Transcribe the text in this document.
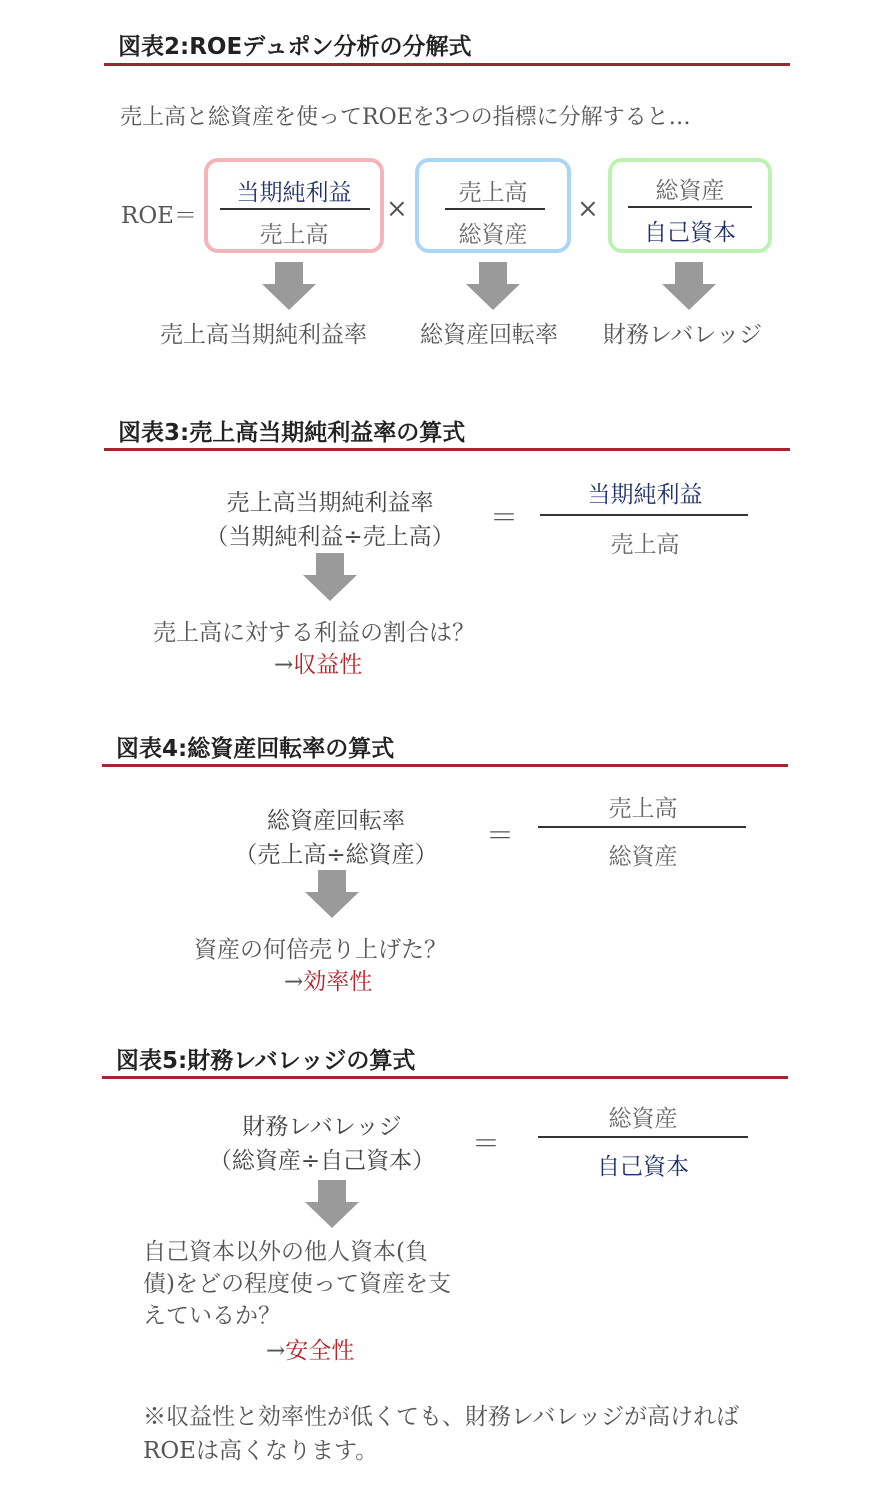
図表2:ROEデュポン分析の分解式
売上高と総資産を使ってROEを3つの指標に分解すると…
ROE＝
当期純利益
売上高
×
売上高
総資産
×
総資産
自己資本
売上高当期純利益率 総資産回転率 財務レバレッジ
図表3:売上高当期純利益率の算式
売上高当期純利益率
（当期純利益÷売上高）
＝
当期純利益
売上高
売上高に対する利益の割合は？
→収益性
図表4:総資産回転率の算式
総資産回転率
（売上高÷総資産）
＝
売上高
総資産
資産の何倍売り上げた？
→効率性
図表5:財務レバレッジの算式
財務レバレッジ
（総資産÷自己資本）
＝
総資産
自己資本
自己資本以外の他人資本(負
債)をどの程度使って資産を支
えているか？
→安全性
※収益性と効率性が低くても、財務レバレッジが高ければ
ROEは高くなります。
